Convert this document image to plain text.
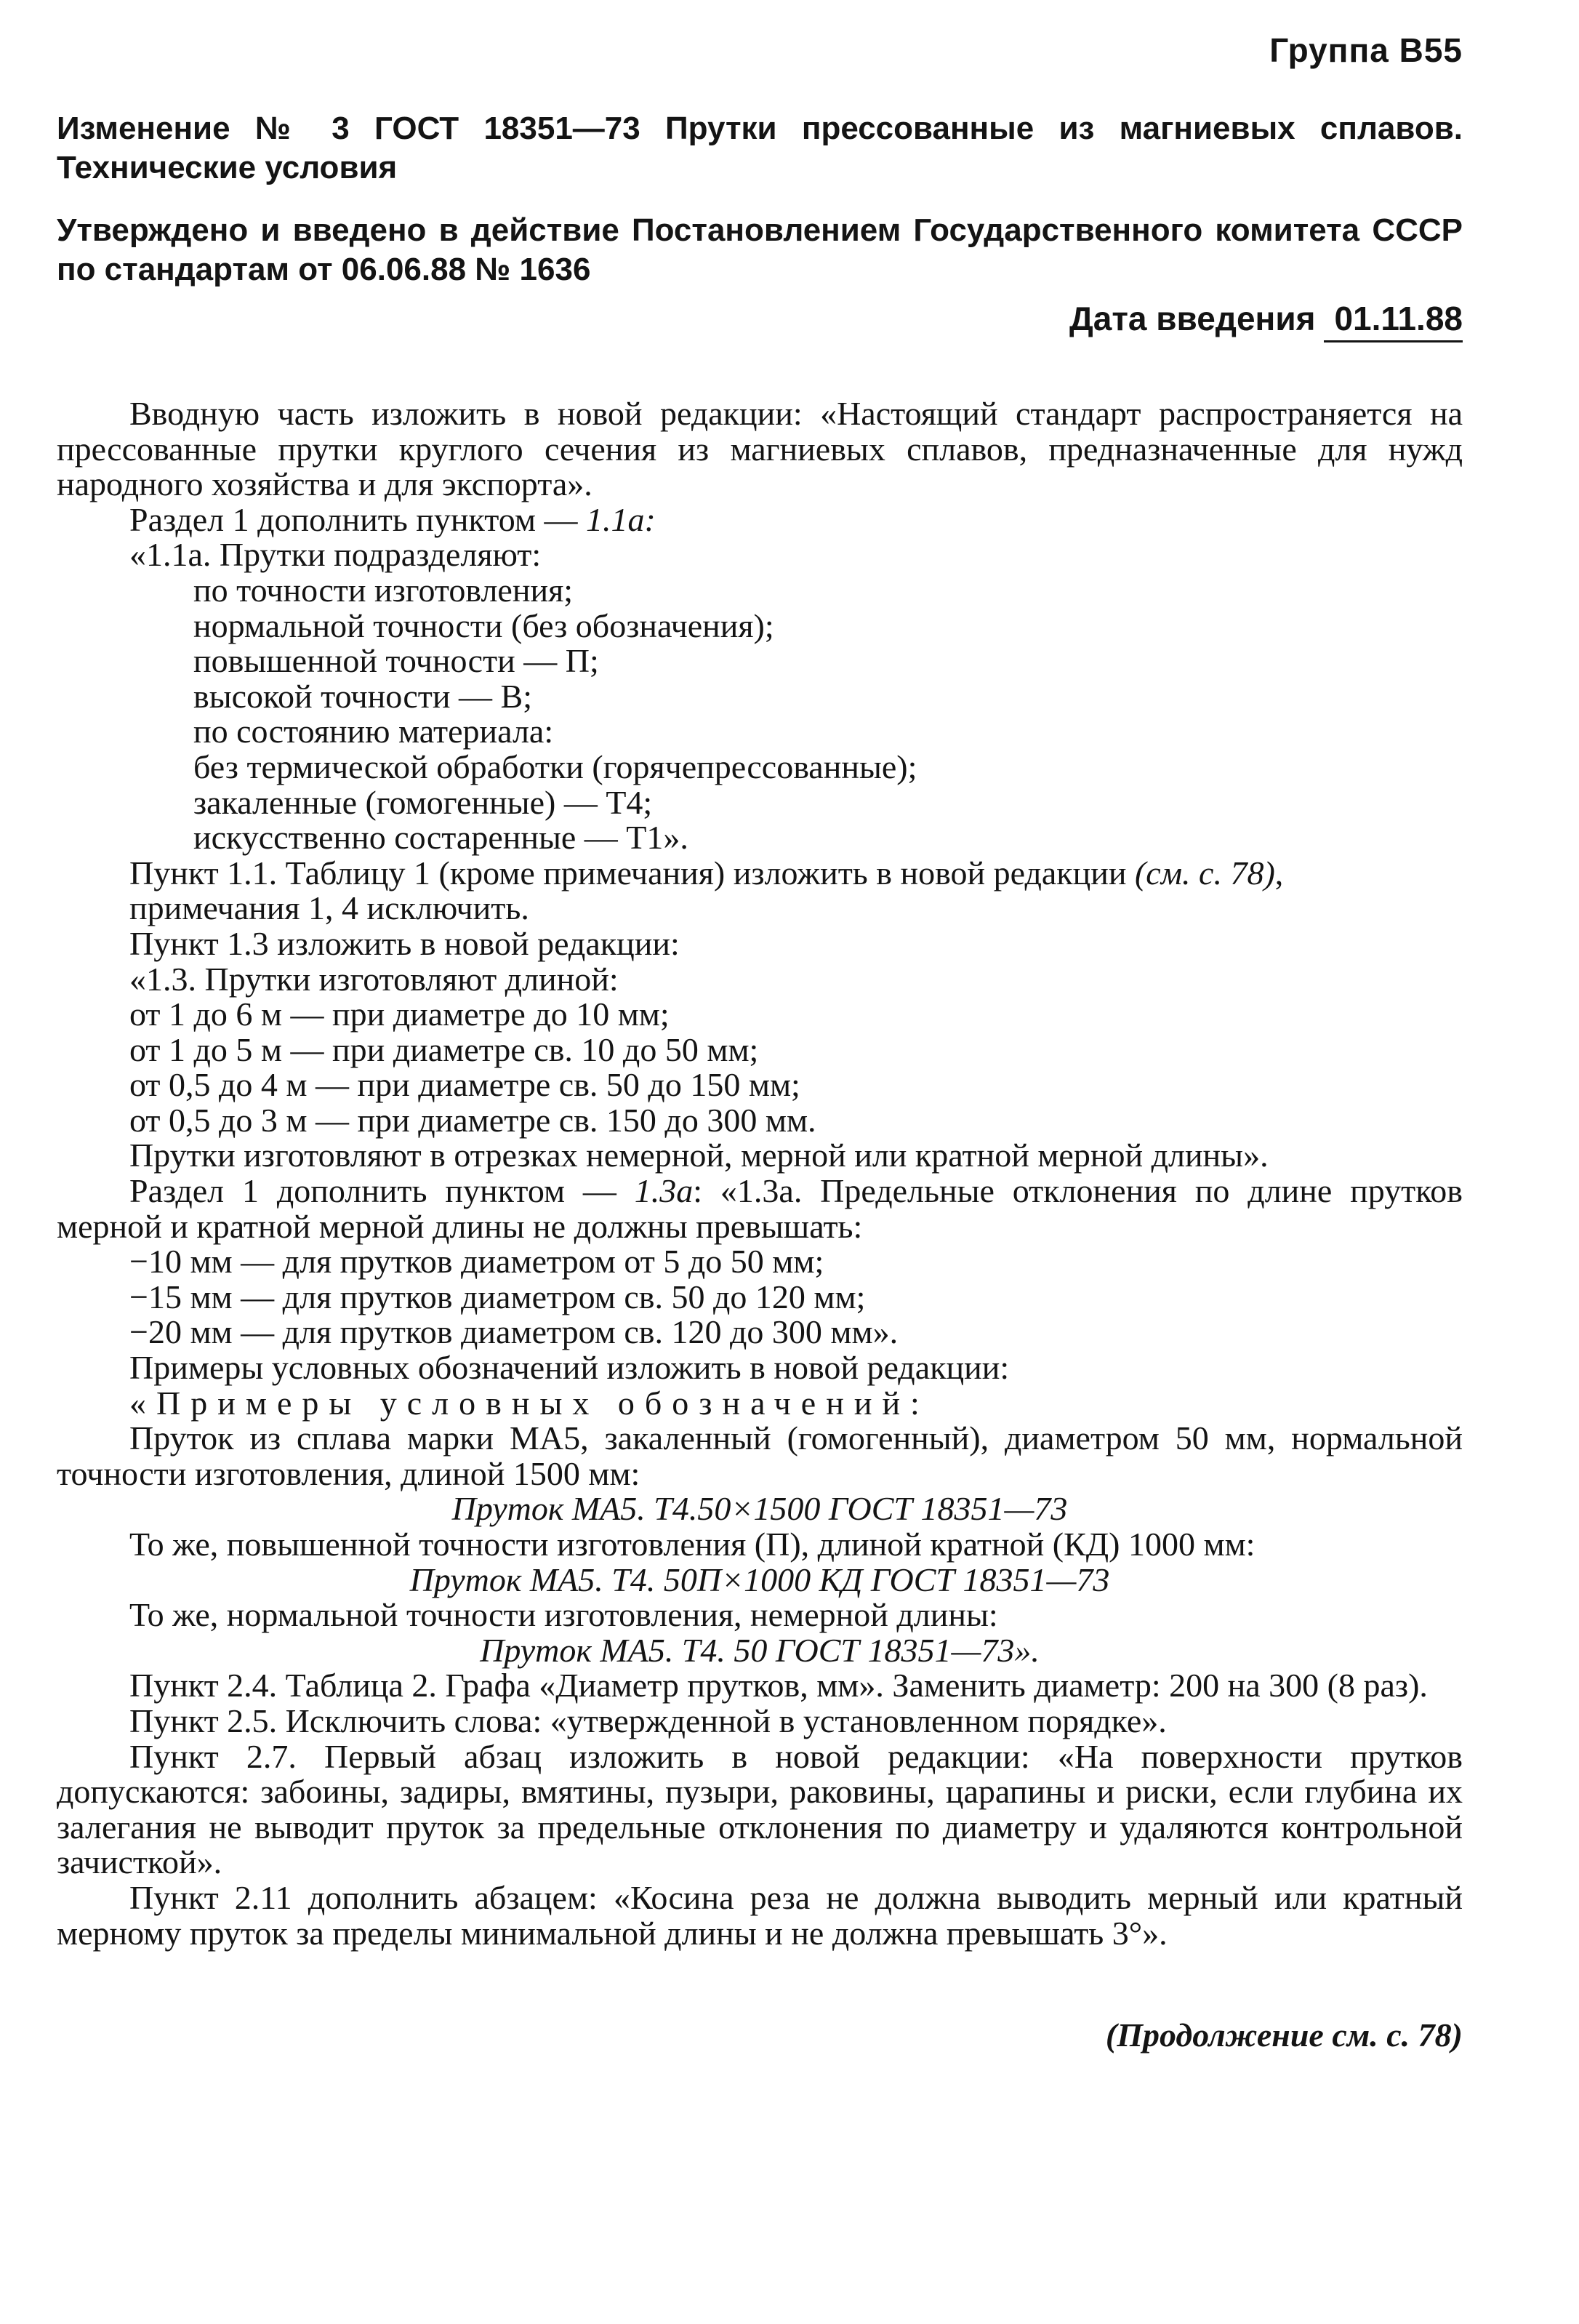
Группа В55
Изменение № 3 ГОСТ 18351—73 Прутки прессованные из магниевых сплавов. Технические условия
Утверждено и введено в действие Постановлением Государственного комитета СССР по стандартам от 06.06.88 № 1636
Дата введения 01.11.88

Вводную часть изложить в новой редакции: «Настоящий стандарт распространяется на прессованные прутки круглого сечения из магниевых сплавов, предназначенные для нужд народного хозяйства и для экспорта».

Раздел 1 дополнить пунктом — 1.1а:
«1.1а. Прутки подразделяют:
по точности изготовления;
нормальной точности (без обозначения);
повышенной точности — П;
высокой точности — В;
по состоянию материала:
без термической обработки (горячепрессованные);
закаленные (гомогенные) — Т4;
искусственно состаренные — Т1».

Пункт 1.1. Таблицу 1 (кроме примечания) изложить в новой редакции (см. с. 78),

примечания 1, 4 исключить.
Пункт 1.3 изложить в новой редакции:
«1.3. Прутки изготовляют длиной:
от 1 до 6 м — при диаметре до 10 мм;
от 1 до 5 м — при диаметре св. 10 до 50 мм;
от 0,5 до 4 м — при диаметре св. 50 до 150 мм;
от 0,5 до 3 м — при диаметре св. 150 до 300 мм.

Прутки изготовляют в отрезках немерной, мерной или кратной мерной длины».

Раздел 1 дополнить пунктом — 1.3а: «1.3а. Предельные отклонения по длине прутков мерной и кратной мерной длины не должны превышать:

−10 мм — для прутков диаметром от 5 до 50 мм;
−15 мм — для прутков диаметром св. 50 до 120 мм;
−20 мм — для прутков диаметром св. 120 до 300 мм».
Примеры условных обозначений изложить в новой редакции:
«Примеры условных обозначений:

Пруток из сплава марки МА5, закаленный (гомогенный), диаметром 50 мм, нормальной точности изготовления, длиной 1500 мм:

Пруток МА5. Т4.50×1500 ГОСТ 18351—73

То же, повышенной точности изготовления (П), длиной кратной (КД) 1000 мм:

Пруток МА5. Т4. 50П×1000 КД ГОСТ 18351—73
То же, нормальной точности изготовления, немерной длины:
Пруток МА5. Т4. 50 ГОСТ 18351—73».

Пункт 2.4. Таблица 2. Графа «Диаметр прутков, мм». Заменить диаметр: 200 на 300 (8 раз).

Пункт 2.5. Исключить слова: «утвержденной в установленном порядке».

Пункт 2.7. Первый абзац изложить в новой редакции: «На поверхности прутков допускаются: забоины, задиры, вмятины, пузыри, раковины, царапины и риски, если глубина их залегания не выводит пруток за предельные отклонения по диаметру и удаляются контрольной зачисткой».

Пункт 2.11 дополнить абзацем: «Косина реза не должна выводить мерный или кратный мерному пруток за пределы минимальной длины и не должна превышать 3°».

(Продолжение см. с. 78)
